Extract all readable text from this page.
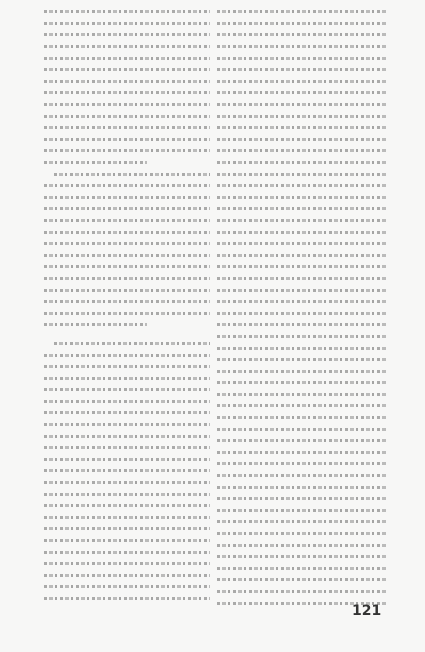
121
